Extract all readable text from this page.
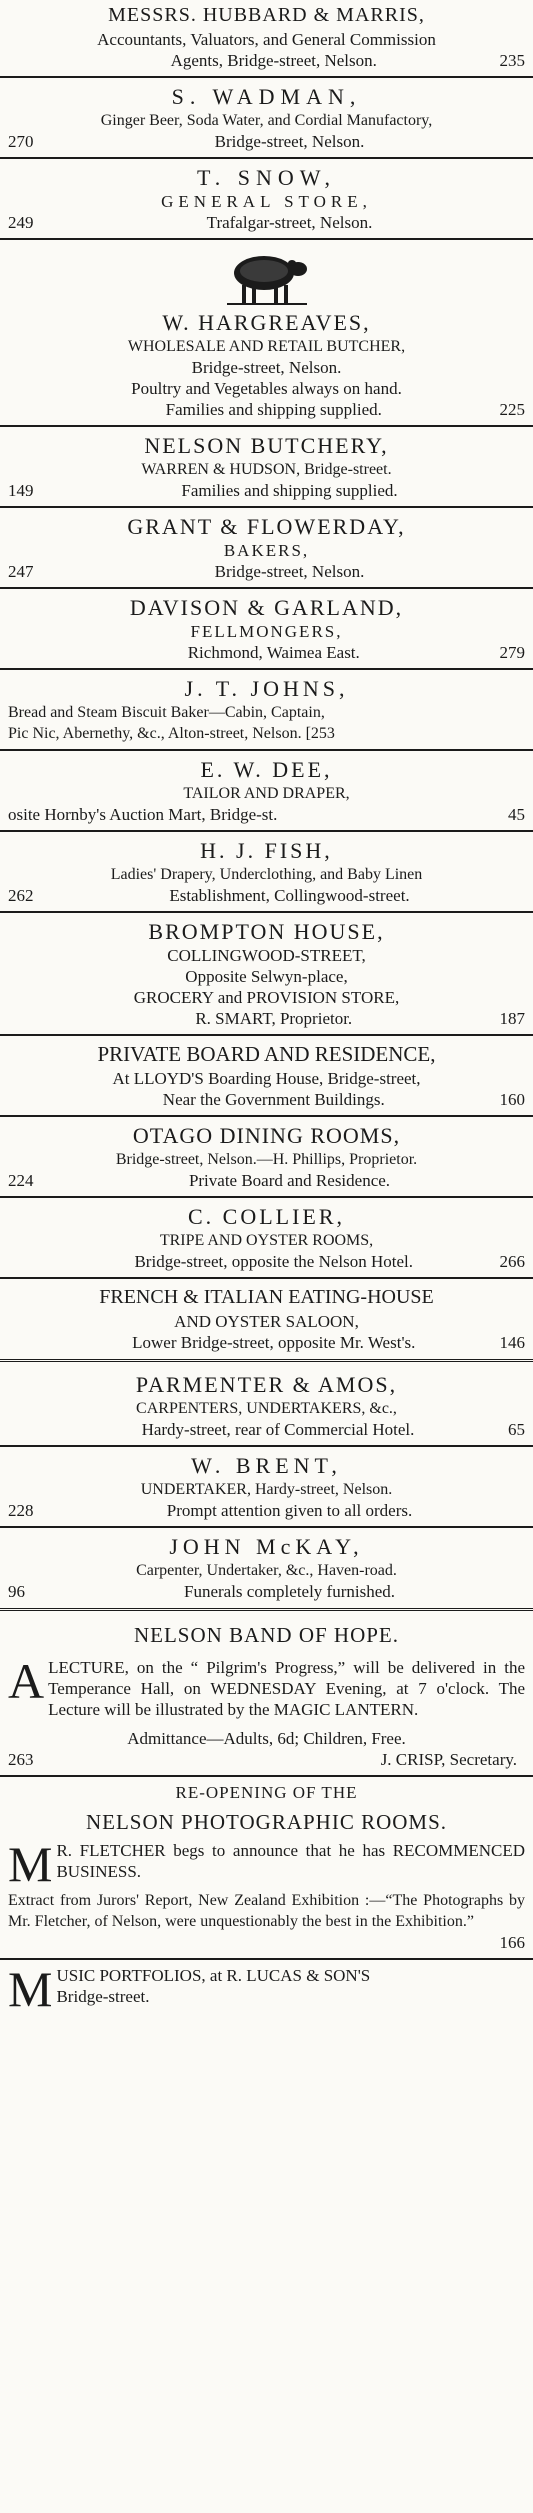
MESSRS. HUBBARD & MARRIS,
Accountants, Valuators, and General Commission
Agents, Bridge-street, Nelson.	235
S. WADMAN,
Ginger Beer, Soda Water, and Cordial Manufactory,
270	Bridge-street, Nelson.
T. SNOW,
GENERAL STORE,
249	Trafalgar-street, Nelson.
W. HARGREAVES,
WHOLESALE AND RETAIL BUTCHER,
Bridge-street, Nelson.
Poultry and Vegetables always on hand.
Families and shipping supplied.	225
NELSON BUTCHERY,
WARREN & HUDSON, Bridge-street.
149	Families and shipping supplied.
GRANT & FLOWERDAY,
BAKERS,
247	Bridge-street, Nelson.
DAVISON & GARLAND,
FELLMONGERS,
Richmond, Waimea East.	279
J. T. JOHNS,
Bread and Steam Biscuit Baker—Cabin, Captain,
Pic Nic, Abernethy, &c., Alton-street, Nelson. [253
E. W. DEE,
TAILOR AND DRAPER,
osite Hornby's Auction Mart, Bridge-st.	45
H. J. FISH,
Ladies' Drapery, Underclothing, and Baby Linen
262	Establishment, Collingwood-street.
BROMPTON HOUSE,
COLLINGWOOD-STREET,
Opposite Selwyn-place,
GROCERY and PROVISION STORE,
R. SMART, Proprietor.	187
PRIVATE BOARD AND RESIDENCE,
At LLOYD'S Boarding House, Bridge-street,
Near the Government Buildings.	160
OTAGO DINING ROOMS,
Bridge-street, Nelson.—H. Phillips, Proprietor.
224	Private Board and Residence.
C. COLLIER,
TRIPE AND OYSTER ROOMS,
Bridge-street, opposite the Nelson Hotel.	266
FRENCH & ITALIAN EATING-HOUSE
AND OYSTER SALOON,
Lower Bridge-street, opposite Mr. West's.	146
PARMENTER & AMOS,
CARPENTERS, UNDERTAKERS, &c.,
Hardy-street, rear of Commercial Hotel.	65
W. BRENT,
UNDERTAKER, Hardy-street, Nelson.
228	Prompt attention given to all orders.
JOHN McKAY,
Carpenter, Undertaker, &c., Haven-road.
96	Funerals completely furnished.
NELSON BAND OF HOPE.
ALECTURE, on the “ Pilgrim's Progress,” will be delivered in the Temperance Hall, on WEDNESDAY Evening, at 7 o'clock. The Lecture will be illustrated by the MAGIC LANTERN.
Admittance—Adults, 6d; Children, Free.
263	J. CRISP, Secretary.
RE-OPENING OF THE
NELSON PHOTOGRAPHIC ROOMS.
M R. FLETCHER begs to announce that he has RECOMMENCED BUSINESS.
Extract from Jurors' Report, New Zealand Exhibition :—“The Photographs by Mr. Fletcher, of Nelson, were unquestionably the best in the Exhibition.”
166
M USIC PORTFOLIOS, at R. LUCAS & SON'S
Bridge-street.
